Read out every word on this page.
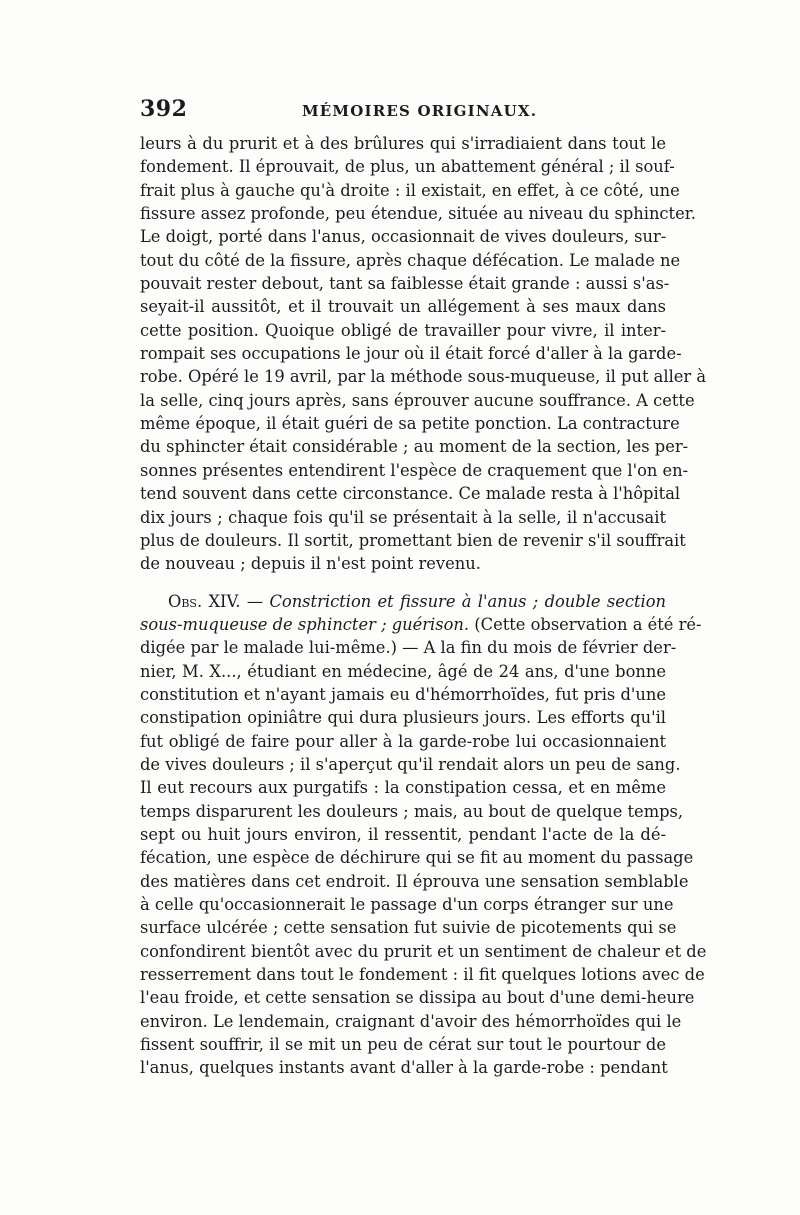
392	MÉMOIRES ORIGINAUX.
leurs à du prurit et à des brûlures qui s'irradiaient dans tout le
fondement. Il éprouvait, de plus, un abattement général ; il souf-
frait plus à gauche qu'à droite : il existait, en effet, à ce côté, une
fissure assez profonde, peu étendue, située au niveau du sphincter.
Le doigt, porté dans l'anus, occasionnait de vives douleurs, sur-
tout du côté de la fissure, après chaque défécation. Le malade ne
pouvait rester debout, tant sa faiblesse était grande : aussi s'as-
seyait-il aussitôt, et il trouvait un allégement à ses maux dans
cette position. Quoique obligé de travailler pour vivre, il inter-
rompait ses occupations le jour où il était forcé d'aller à la garde-
robe. Opéré le 19 avril, par la méthode sous-muqueuse, il put aller à
la selle, cinq jours après, sans éprouver aucune souffrance. A cette
même époque, il était guéri de sa petite ponction. La contracture
du sphincter était considérable ; au moment de la section, les per-
sonnes présentes entendirent l'espèce de craquement que l'on en-
tend souvent dans cette circonstance. Ce malade resta à l'hôpital
dix jours ; chaque fois qu'il se présentait à la selle, il n'accusait
plus de douleurs. Il sortit, promettant bien de revenir s'il souffrait
de nouveau ; depuis il n'est point revenu.
Obs. XIV. — Constriction et fissure à l'anus ; double section
sous-muqueuse de sphincter ; guérison. (Cette observation a été ré-
digée par le malade lui-même.) — A la fin du mois de février der-
nier, M. X..., étudiant en médecine, âgé de 24 ans, d'une bonne
constitution et n'ayant jamais eu d'hémorrhoïdes, fut pris d'une
constipation opiniâtre qui dura plusieurs jours. Les efforts qu'il
fut obligé de faire pour aller à la garde-robe lui occasionnaient
de vives douleurs ; il s'aperçut qu'il rendait alors un peu de sang.
Il eut recours aux purgatifs : la constipation cessa, et en même
temps disparurent les douleurs ; mais, au bout de quelque temps,
sept ou huit jours environ, il ressentit, pendant l'acte de la dé-
fécation, une espèce de déchirure qui se fit au moment du passage
des matières dans cet endroit. Il éprouva une sensation semblable
à celle qu'occasionnerait le passage d'un corps étranger sur une
surface ulcérée ; cette sensation fut suivie de picotements qui se
confondirent bientôt avec du prurit et un sentiment de chaleur et de
resserrement dans tout le fondement : il fit quelques lotions avec de
l'eau froide, et cette sensation se dissipa au bout d'une demi-heure
environ. Le lendemain, craignant d'avoir des hémorrhoïdes qui le
fissent souffrir, il se mit un peu de cérat sur tout le pourtour de
l'anus, quelques instants avant d'aller à la garde-robe : pendant
